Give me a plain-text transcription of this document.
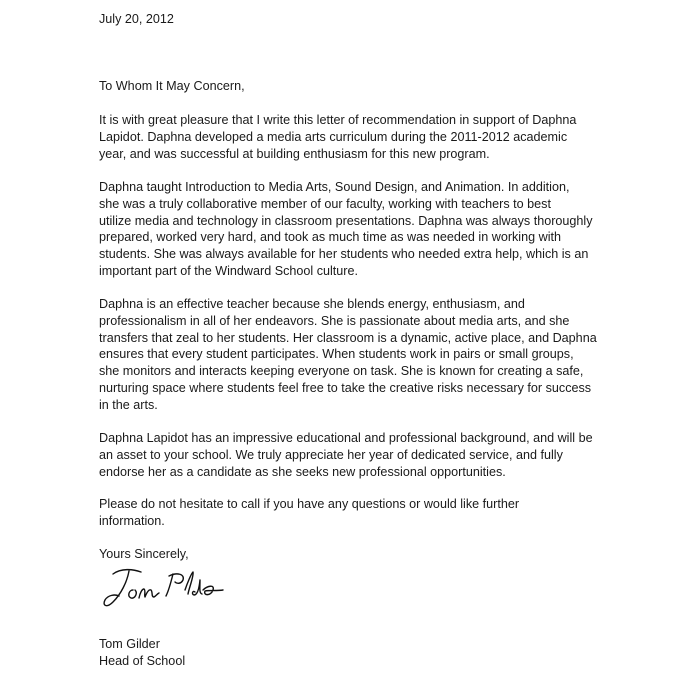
July 20, 2012
To Whom It May Concern,

It is with great pleasure that I write this letter of recommendation in support of Daphna
Lapidot. Daphna developed a media arts curriculum during the 2011-2012 academic
year, and was successful at building enthusiasm for this new program.

Daphna taught Introduction to Media Arts, Sound Design, and Animation. In addition,
she was a truly collaborative member of our faculty, working with teachers to best
utilize media and technology in classroom presentations. Daphna was always thoroughly
prepared, worked very hard, and took as much time as was needed in working with
students. She was always available for her students who needed extra help, which is an
important part of the Windward School culture.

Daphna is an effective teacher because she blends energy, enthusiasm, and
professionalism in all of her endeavors. She is passionate about media arts, and she
transfers that zeal to her students. Her classroom is a dynamic, active place, and Daphna
ensures that every student participates. When students work in pairs or small groups,
she monitors and interacts keeping everyone on task. She is known for creating a safe,
nurturing space where students feel free to take the creative risks necessary for success
in the arts.

Daphna Lapidot has an impressive educational and professional background, and will be
an asset to your school. We truly appreciate her year of dedicated service, and fully
endorse her as a candidate as she seeks new professional opportunities.

Please do not hesitate to call if you have any questions or would like further
information.

Yours Sincerely,
Tom Gilder
Head of School
